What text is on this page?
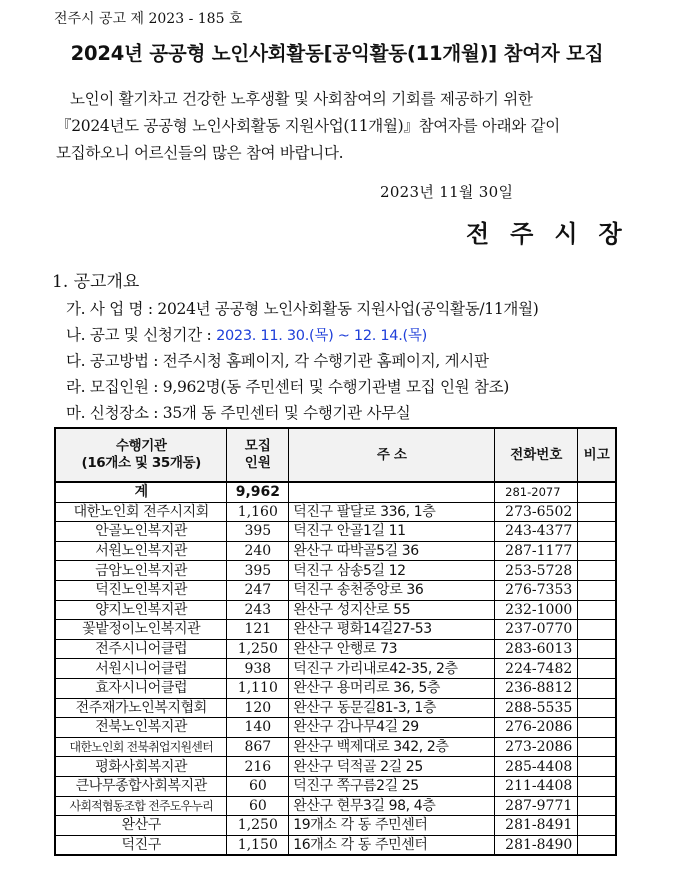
전주시 공고 제 2023 - 185 호
2024년 공공형 노인사회활동[공익활동(11개월)] 참여자 모집
노인이 활기차고 건강한 노후생활 및 사회참여의 기회를 제공하기 위한
『2024년도 공공형 노인사회활동 지원사업(11개월)』참여자를 아래와 같이
모집하오니 어르신들의 많은 참여 바랍니다.
2023년 11월 30일
전주시장
1. 공고개요
가. 사 업 명 : 2024년 공공형 노인사회활동 지원사업(공익활동/11개월)
나. 공고 및 신청기간 : 2023. 11. 30.(목) ~ 12. 14.(목)
다. 공고방법 : 전주시청 홈페이지, 각 수행기관 홈페이지, 게시판
라. 모집인원 : 9,962명(동 주민센터 및 수행기관별 모집 인원 참조)
마. 신청장소 : 35개 동 주민센터 및 수행기관 사무실
수행기관
(16개소 및 35개동)	모집
인원	주 소	전화번호	비고
계	9,962		281-2077	
대한노인회 전주시지회	1,160	덕진구 팔달로 336, 1층	273-6502	
안골노인복지관	395	덕진구 안골1길 11	243-4377	
서원노인복지관	240	완산구 따박골5길 36	287-1177	
금암노인복지관	395	덕진구 삼송5길 12	253-5728	
덕진노인복지관	247	덕진구 송천중앙로 36	276-7353	
양지노인복지관	243	완산구 성지산로 55	232-1000	
꽃밭정이노인복지관	121	완산구 평화14길27-53	237-0770	
전주시니어클럽	1,250	완산구 안행로 73	283-6013	
서원시니어클럽	938	덕진구 가리내로42-35, 2층	224-7482	
효자시니어클럽	1,110	완산구 용머리로 36, 5층	236-8812	
전주재가노인복지협회	120	완산구 동문길81-3, 1층	288-5535	
전북노인복지관	140	완산구 감나무4길 29	276-2086	
대한노인회 전북취업지원센터	867	완산구 백제대로 342, 2층	273-2086	
평화사회복지관	216	완산구 덕적골 2길 25	285-4408	
큰나무종합사회복지관	60	덕진구 쪽구름2길 25	211-4408	
사회적협동조합 전주도우누리	60	완산구 현무3길 98, 4층	287-9771	
완산구	1,250	19개소 각 동 주민센터	281-8491	
덕진구	1,150	16개소 각 동 주민센터	281-8490	
